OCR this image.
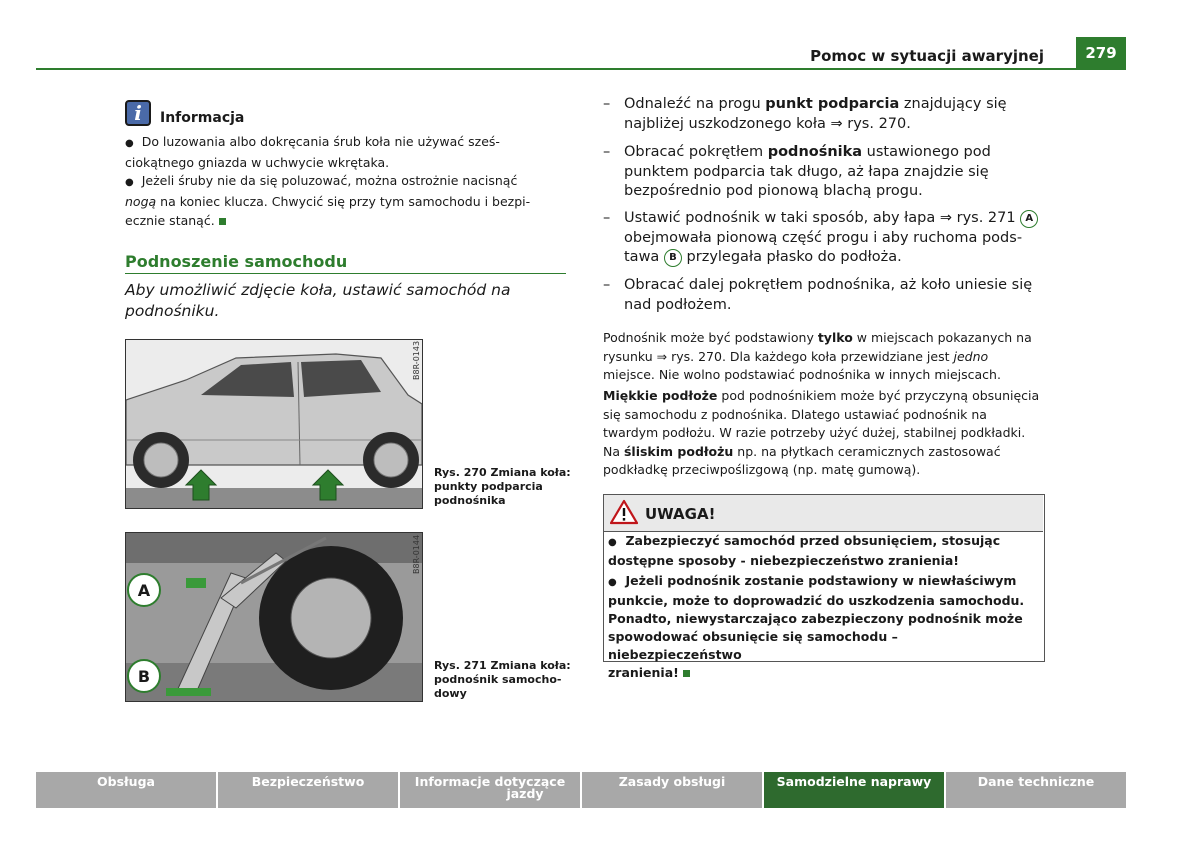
Pomoc w sytuacji awaryjnej	279
i	Informacja
● Do luzowania albo dokręcania śrub koła nie używać sześ-
ciokątnego gniazda w uchwycie wkrętaka.
● Jeżeli śruby nie da się poluzować, można ostrożnie nacisnąć
nogą na koniec klucza. Chwycić się przy tym samochodu i bezpi-
ecznie stanąć.
Podnoszenie samochodu
Aby umożliwić zdjęcie koła, ustawić samochód na podnośniku.
B8R-0143
Rys. 270 Zmiana koła:
punkty podparcia
podnośnika
A
B
B8R-0144
Rys. 271 Zmiana koła:
podnośnik samocho-
dowy
– Odnaleźć na progu punkt podparcia znajdujący się
najbliżej uszkodzonego koła ⇒ rys. 270.
– Obracać pokrętłem podnośnika ustawionego pod
punktem podparcia tak długo, aż łapa znajdzie się
bezpośrednio pod pionową blachą progu.
– Ustawić podnośnik w taki sposób, aby łapa ⇒ rys. 271 A
obejmowała pionową część progu i aby ruchoma pods-
tawa B przylegała płasko do podłoża.
– Obracać dalej pokrętłem podnośnika, aż koło uniesie się
nad podłożem.
Podnośnik może być podstawiony tylko w miejscach pokazanych na
rysunku ⇒ rys. 270. Dla każdego koła przewidziane jest jedno
miejsce. Nie wolno podstawiać podnośnika w innych miejscach.
Miękkie podłoże pod podnośnikiem może być przyczyną obsunięcia
się samochodu z podnośnika. Dlatego ustawiać podnośnik na
twardym podłożu. W razie potrzeby użyć dużej, stabilnej podkładki.
Na śliskim podłożu np. na płytkach ceramicznych zastosować
podkładkę przeciwpoślizgową (np. matę gumową).
UWAGA!
● Zabezpieczyć samochód przed obsunięciem, stosując
dostępne sposoby - niebezpieczeństwo zranienia!
● Jeżeli podnośnik zostanie podstawiony w niewłaściwym
punkcie, może to doprowadzić do uszkodzenia samochodu.
Ponadto, niewystarczająco zabezpieczony podnośnik może
spowodować obsunięcie się samochodu – niebezpieczeństwo
zranienia!
Obsługa	Bezpieczeństwo	Informacje dotyczące
jazdy
Zasady obsługi	Samodzielne naprawy	Dane techniczne
